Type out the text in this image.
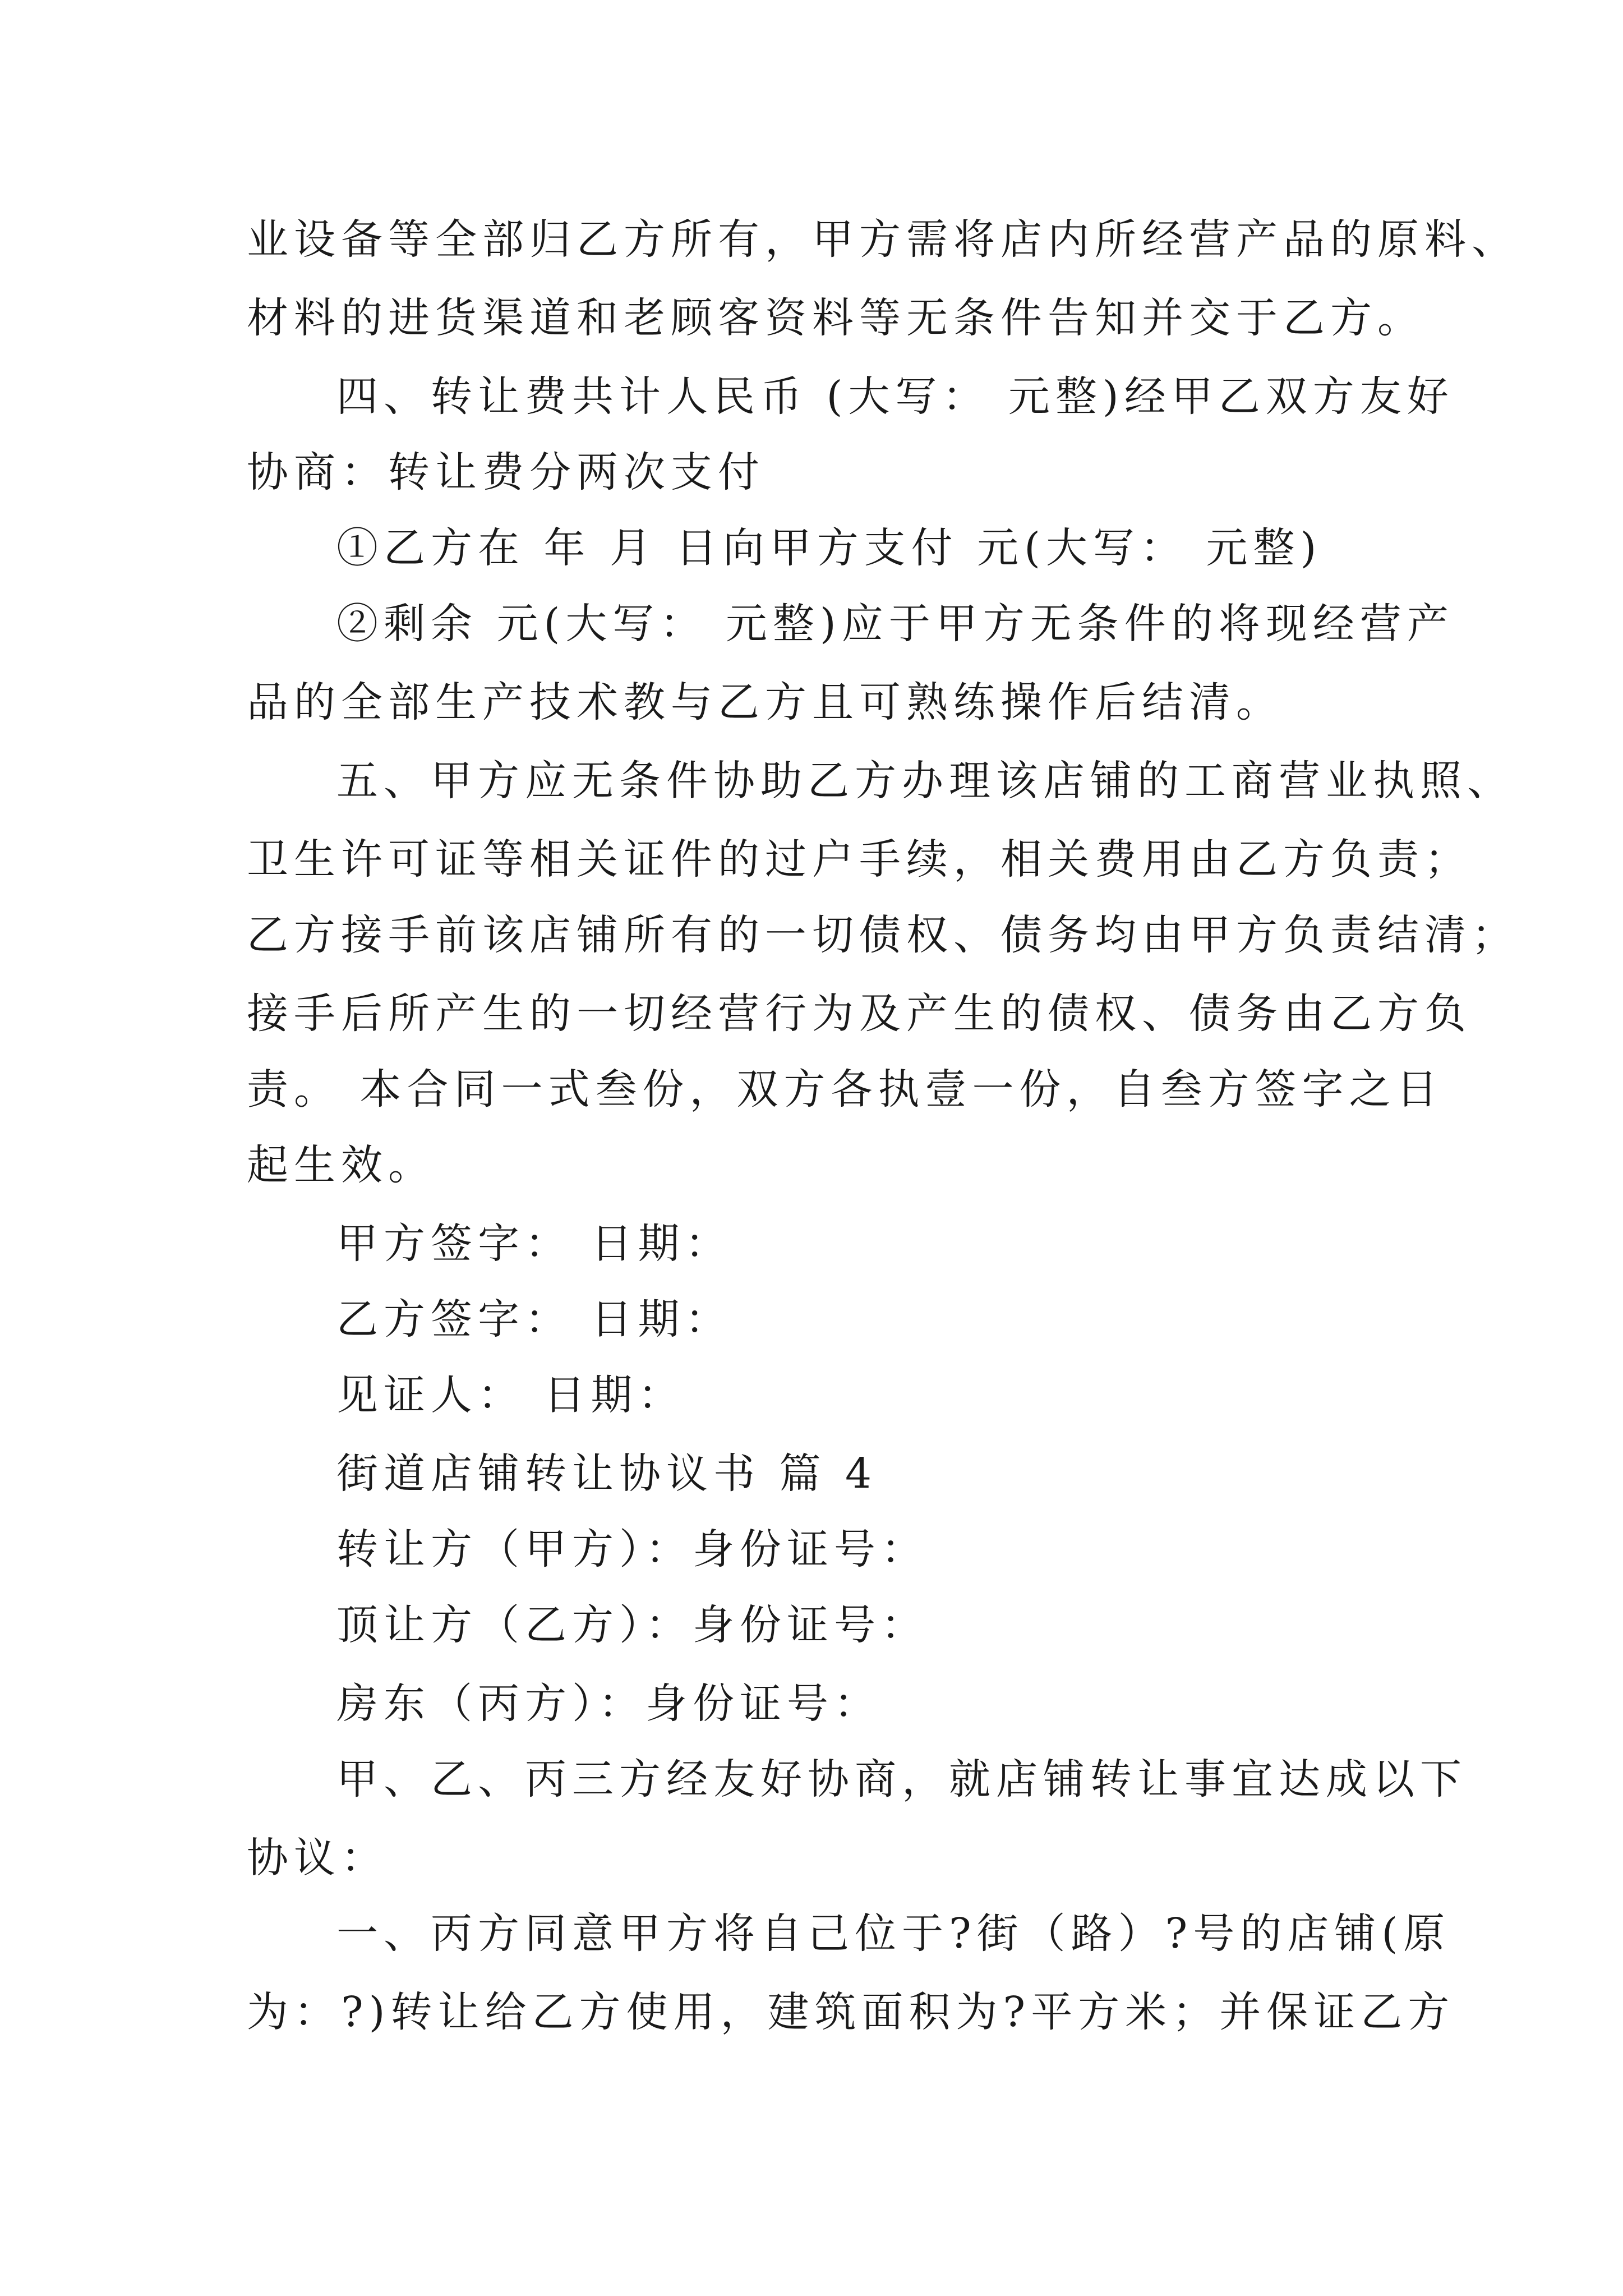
业设备等全部归乙方所有，甲方需将店内所经营产品的原料、
材料的进货渠道和老顾客资料等无条件告知并交于乙方。
四、转让费共计人民币 (大写： 元整)经甲乙双方友好
协商：转让费分两次支付
①乙方在 年 月 日向甲方支付 元(大写： 元整)
②剩余 元(大写： 元整)应于甲方无条件的将现经营产
品的全部生产技术教与乙方且可熟练操作后结清。
五、甲方应无条件协助乙方办理该店铺的工商营业执照、
卫生许可证等相关证件的过户手续，相关费用由乙方负责；
乙方接手前该店铺所有的一切债权、债务均由甲方负责结清；
接手后所产生的一切经营行为及产生的债权、债务由乙方负
责。 本合同一式叁份，双方各执壹一份，自叁方签字之日
起生效。
甲方签字： 日期：
乙方签字： 日期：
见证人： 日期：
街道店铺转让协议书 篇 4
转让方（甲方）：身份证号：
顶让方（乙方）：身份证号：
房东（丙方）：身份证号：
甲、乙、丙三方经友好协商，就店铺转让事宜达成以下
协议：
一、丙方同意甲方将自己位于?街（路）?号的店铺(原
为：?)转让给乙方使用，建筑面积为?平方米；并保证乙方
